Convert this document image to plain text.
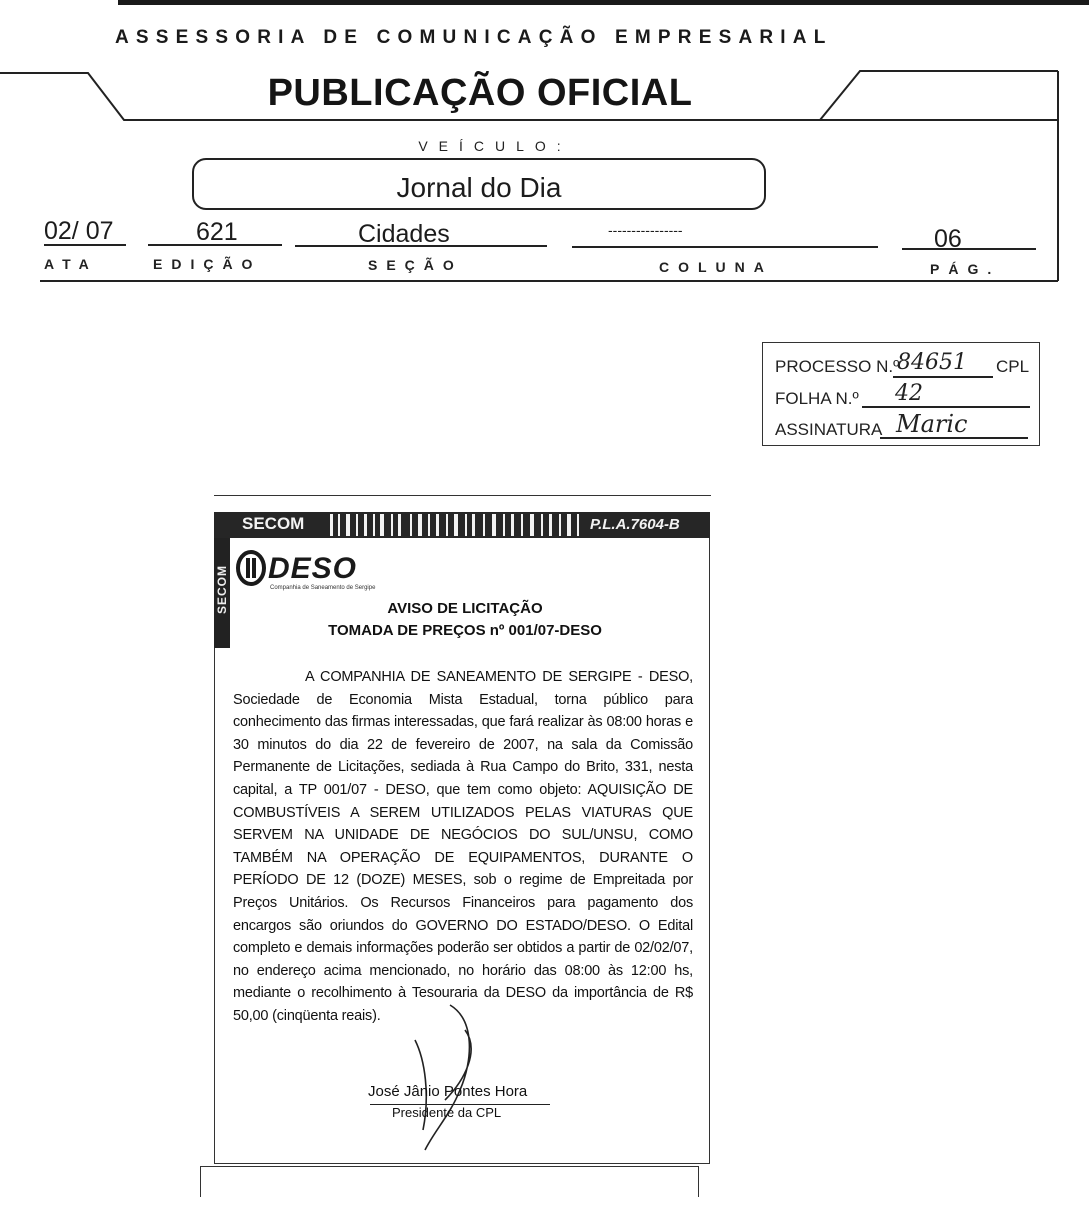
ASSESSORIA DE COMUNICAÇÃO EMPRESARIAL
PUBLICAÇÃO OFICIAL
VEÍCULO:
Jornal do Dia
02/ 07	621	Cidades	----------------	06
ATA	EDIÇÃO	SEÇÃO	COLUNA	PÁG.
PROCESSO N.º
84651 CPL
FOLHA N.º 42
ASSINATURA Maric
SECOM	P.L.A.7604-B
SECOM DESO
Companhia de Saneamento de Sergipe
AVISO DE LICITAÇÃO
TOMADA DE PREÇOS nº 001/07-DESO
A COMPANHIA DE SANEAMENTO DE SERGIPE - DESO, Sociedade de Economia Mista Estadual, torna público para conhecimento das firmas interessadas, que fará realizar às 08:00 horas e 30 minutos do dia 22 de fevereiro de 2007, na sala da Comissão Permanente de Licitações, sediada à Rua Campo do Brito, 331, nesta capital, a TP 001/07 - DESO, que tem como objeto: AQUISIÇÃO DE COMBUSTÍVEIS A SEREM UTILIZADOS PELAS VIATURAS QUE SERVEM NA UNIDADE DE NEGÓCIOS DO SUL/UNSU, COMO TAMBÉM NA OPERAÇÃO DE EQUIPAMENTOS, DURANTE O PERÍODO DE 12 (DOZE) MESES, sob o regime de Empreitada por Preços Unitários. Os Recursos Financeiros para pagamento dos encargos são oriundos do GOVERNO DO ESTADO/DESO. O Edital completo e demais informações poderão ser obtidos a partir de 02/02/07, no endereço acima mencionado, no horário das 08:00 às 12:00 hs, mediante o recolhimento à Tesouraria da DESO da importância de R$ 50,00 (cinqüenta reais).
José Jânio Pontes Hora
Presidente da CPL
